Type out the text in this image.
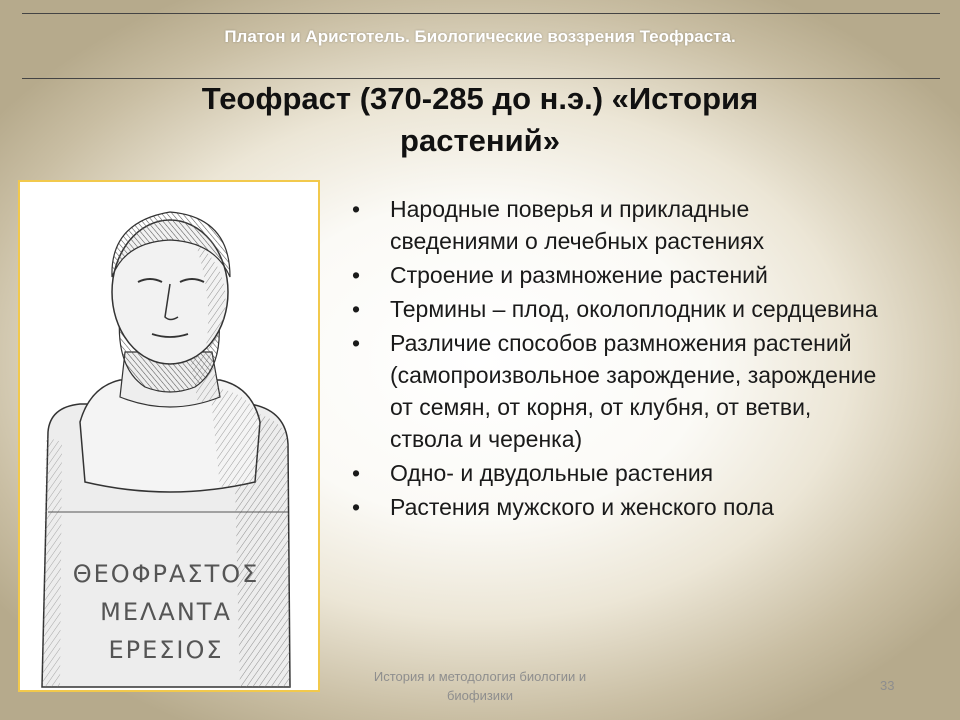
Платон и Аристотель. Биологические воззрения Теофраста.
Теофраст (370-285 до н.э.) «История
растений»
ΘΕΟΦΡΑΣΤΟΣ
ΜΕΛΑΝΤΑ
ΕΡΕΣΙΟΣ
• Народные поверья и прикладные сведениями о лечебных растениях
• Строение и размножение растений
• Термины – плод, околоплодник и сердцевина
• Различие способов размножения растений (самопроизвольное зарождение, зарождение от семян, от корня, от клубня, от ветви, ствола и черенка)
• Одно- и двудольные растения
• Растения мужского и женского пола
История и методология биологии и
биофизики
33
